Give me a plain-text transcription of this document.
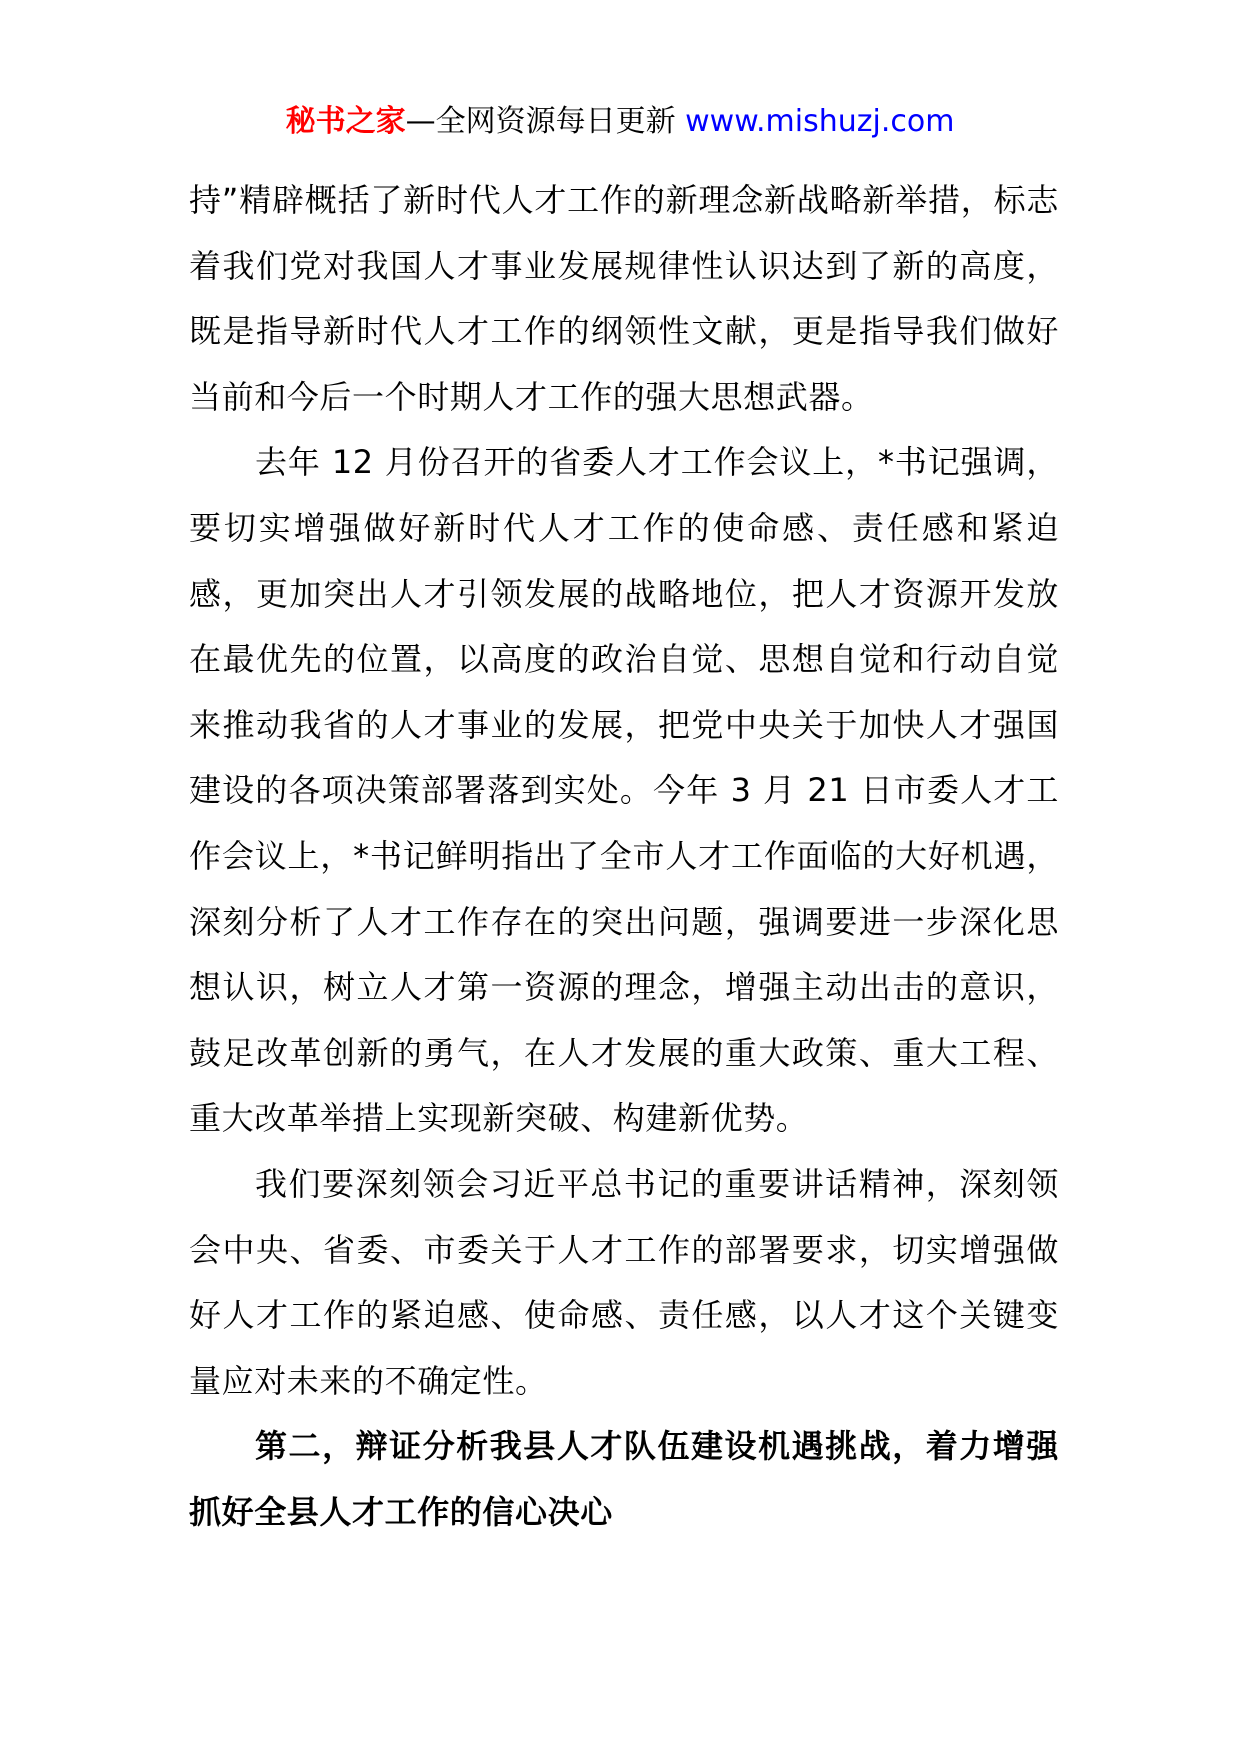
秘书之家—全网资源每日更新 www.mishuzj.com

持”精辟概括了新时代人才工作的新理念新战略新举措，标志着我们党对我国人才事业发展规律性认识达到了新的高度，既是指导新时代人才工作的纲领性文献，更是指导我们做好当前和今后一个时期人才工作的强大思想武器。

去年 12 月份召开的省委人才工作会议上，*书记强调，要切实增强做好新时代人才工作的使命感、责任感和紧迫感，更加突出人才引领发展的战略地位，把人才资源开发放在最优先的位置，以高度的政治自觉、思想自觉和行动自觉来推动我省的人才事业的发展，把党中央关于加快人才强国建设的各项决策部署落到实处。今年 3 月 21 日市委人才工作会议上，*书记鲜明指出了全市人才工作面临的大好机遇，深刻分析了人才工作存在的突出问题，强调要进一步深化思想认识，树立人才第一资源的理念，增强主动出击的意识，鼓足改革创新的勇气，在人才发展的重大政策、重大工程、重大改革举措上实现新突破、构建新优势。

我们要深刻领会习近平总书记的重要讲话精神，深刻领会中央、省委、市委关于人才工作的部署要求，切实增强做好人才工作的紧迫感、使命感、责任感，以人才这个关键变量应对未来的不确定性。

第二，辩证分析我县人才队伍建设机遇挑战，着力增强抓好全县人才工作的信心决心
